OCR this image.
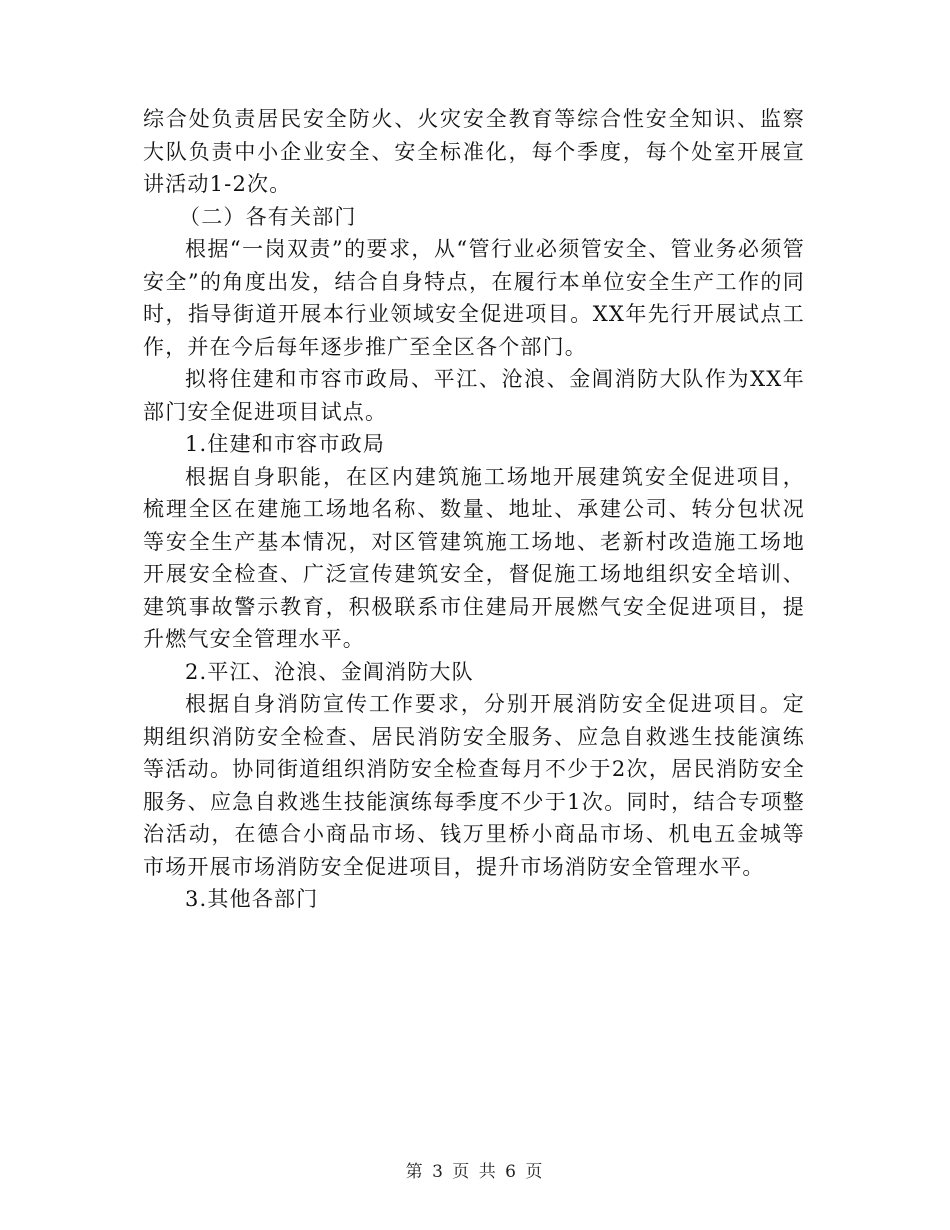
综合处负责居民安全防火、火灾安全教育等综合性安全知识、监察大队负责中小企业安全、安全标准化，每个季度，每个处室开展宣讲活动1-2次。

（二）各有关部门

根据“一岗双责”的要求，从“管行业必须管安全、管业务必须管安全”的角度出发，结合自身特点，在履行本单位安全生产工作的同时，指导街道开展本行业领域安全促进项目。XX年先行开展试点工作，并在今后每年逐步推广至全区各个部门。

拟将住建和市容市政局、平江、沧浪、金阊消防大队作为XX年部门安全促进项目试点。

1.住建和市容市政局

根据自身职能，在区内建筑施工场地开展建筑安全促进项目，梳理全区在建施工场地名称、数量、地址、承建公司、转分包状况等安全生产基本情况，对区管建筑施工场地、老新村改造施工场地开展安全检查、广泛宣传建筑安全，督促施工场地组织安全培训、建筑事故警示教育，积极联系市住建局开展燃气安全促进项目，提升燃气安全管理水平。

2.平江、沧浪、金阊消防大队

根据自身消防宣传工作要求，分别开展消防安全促进项目。定期组织消防安全检查、居民消防安全服务、应急自救逃生技能演练等活动。协同街道组织消防安全检查每月不少于2次，居民消防安全服务、应急自救逃生技能演练每季度不少于1次。同时，结合专项整治活动，在德合小商品市场、钱万里桥小商品市场、机电五金城等市场开展市场消防安全促进项目，提升市场消防安全管理水平。

3.其他各部门

第 3 页 共 6 页
